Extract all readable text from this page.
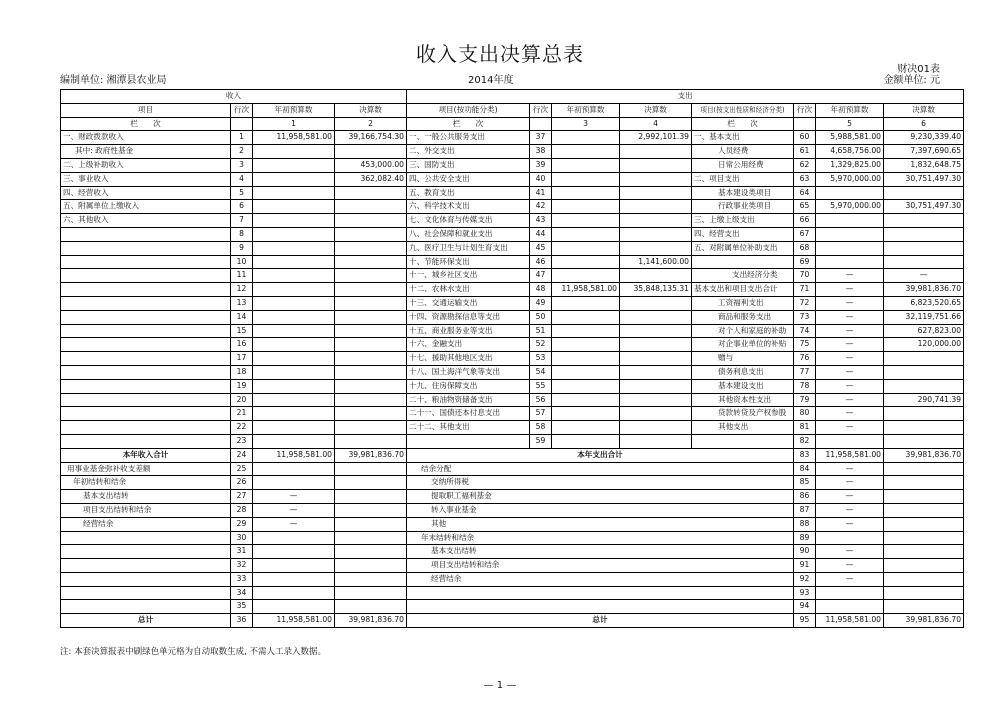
收入支出决算总表
财决01表
编制单位: 湘潭县农业局	2014年度	金额单位: 元
收入				支出							
项目	行次	年初预算数	决算数	项目(按功能分类)	行次	年初预算数	决算数	项目(按支出性质和经济分类)	行次	年初预算数	决算数
栏　　次		1	2	栏　　次		3	4	栏　　次		5	6
一、财政拨款收入	1	11,958,581.00	39,166,754.30	一、一般公共服务支出	37		2,992,101.39	一、基本支出	60	5,988,581.00	9,230,339.40
其中: 政府性基金	2			二、外交支出	38			人员经费	61	4,658,756.00	7,397,690.65
二、上级补助收入	3		453,000.00	三、国防支出	39			日常公用经费	62	1,329,825.00	1,832,648.75
三、事业收入	4		362,082.40	四、公共安全支出	40			二、项目支出	63	5,970,000.00	30,751,497.30
四、经营收入	5			五、教育支出	41			基本建设类项目	64		
五、附属单位上缴收入	6			六、科学技术支出	42			行政事业类项目	65	5,970,000.00	30,751,497.30
六、其他收入	7			七、文化体育与传媒支出	43			三、上缴上级支出	66		
	8			八、社会保障和就业支出	44			四、经营支出	67		
	9			九、医疗卫生与计划生育支出	45			五、对附属单位补助支出	68		
	10			十、节能环保支出	46		1,141,600.00		69		
	11			十一、城乡社区支出	47			支出经济分类	70	—	—
	12			十二、农林水支出	48	11,958,581.00	35,848,135.31	基本支出和项目支出合计	71	—	39,981,836.70
	13			十三、交通运输支出	49			工资福利支出	72	—	6,823,520.65
	14			十四、资源勘探信息等支出	50			商品和服务支出	73	—	32,119,751.66
	15			十五、商业服务业等支出	51			对个人和家庭的补助	74	—	627,823.00
	16			十六、金融支出	52			对企事业单位的补贴	75	—	120,000.00
	17			十七、援助其他地区支出	53			赠与	76	—	
	18			十八、国土海洋气象等支出	54			债务利息支出	77	—	
	19			十九、住房保障支出	55			基本建设支出	78	—	
	20			二十、粮油物资储备支出	56			其他资本性支出	79	—	290,741.39
	21			二十一、国债还本付息支出	57			贷款转贷及产权参股	80	—	
	22			二十二、其他支出	58			其他支出	81	—	
	23				59				82		
本年收入合计	24	11,958,581.00	39,981,836.70	本年支出合计					83	11,958,581.00	39,981,836.70
用事业基金弥补收支差额	25			结余分配					84	—	
年初结转和结余	26			交纳所得税					85	—	
基本支出结转	27	—		提取职工福利基金					86	—	
项目支出结转和结余	28	—		转入事业基金					87	—	
经营结余	29	—		其他					88	—	
	30			年末结转和结余					89		
	31			基本支出结转					90	—	
	32			项目支出结转和结余					91	—	
	33			经营结余					92	—	
	34								93		
	35								94		
总计	36	11,958,581.00	39,981,836.70	总计					95	11,958,581.00	39,981,836.70
注: 本套决算报表中刷绿色单元格为自动取数生成, 不需人工录入数据。
— 1 —
